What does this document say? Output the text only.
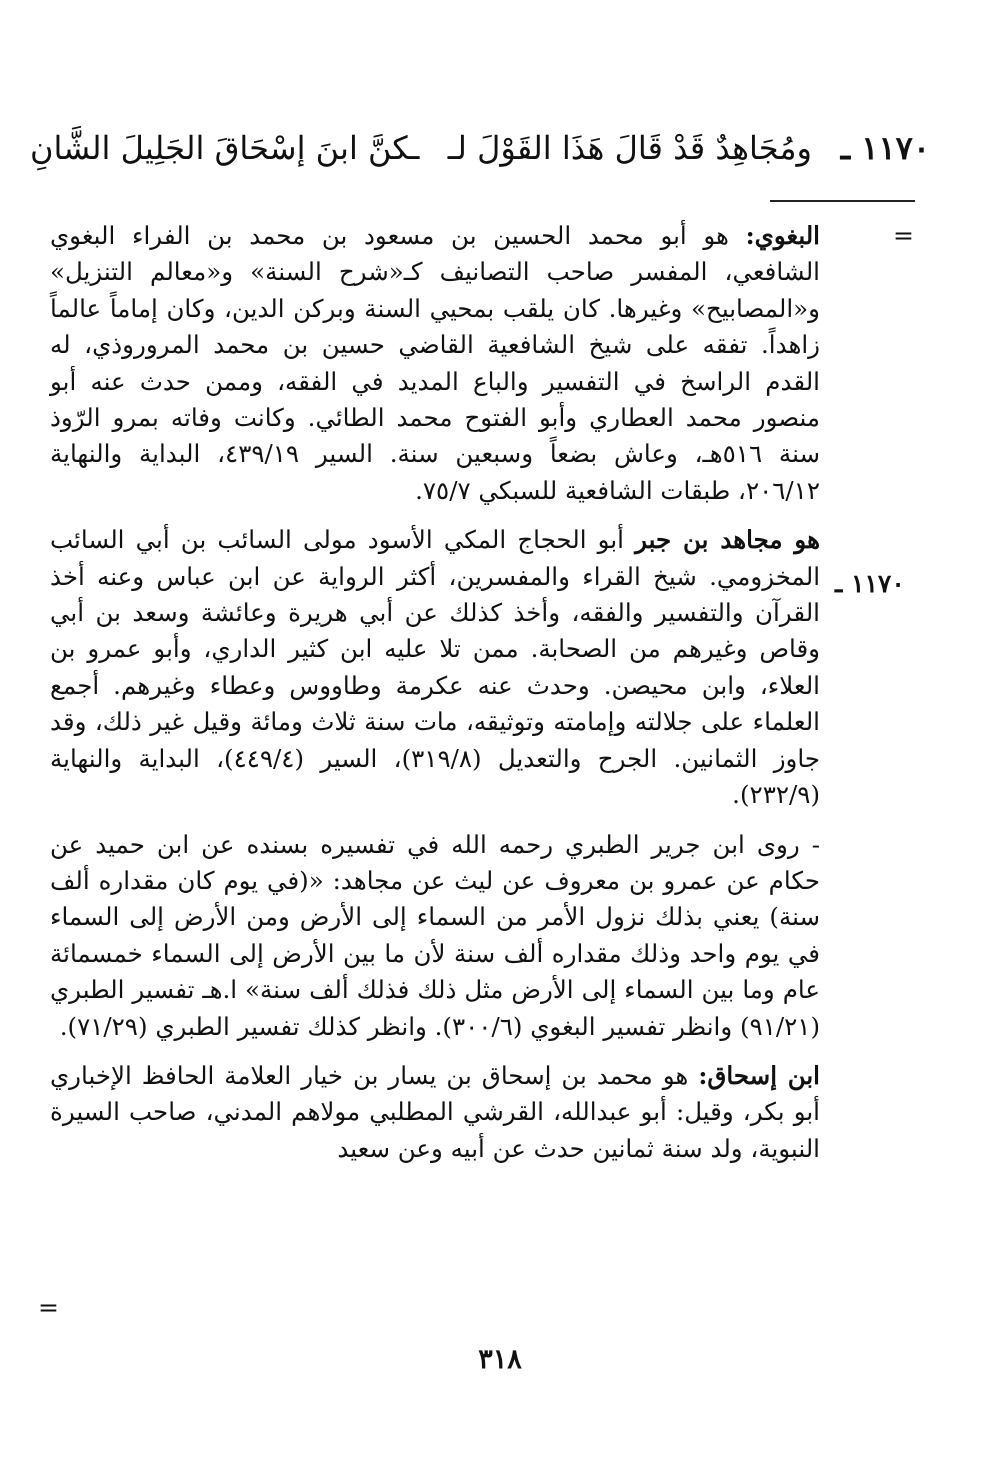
١١٧٠ ـ
ومُجَاهِدٌ قَدْ قَالَ هَذَا القَوْلَ لـ
ـكنَّ ابنَ إسْحَاقَ الجَلِيلَ الشَّانِ
=
١١٧٠ ـ

البغوي: هو أبو محمد الحسين بن مسعود بن محمد بن الفراء البغوي الشافعي، المفسر صاحب التصانيف كـ«شرح السنة» و«معالم التنزيل» و«المصابيح» وغيرها. كان يلقب بمحيي السنة وبركن الدين، وكان إماماً عالماً زاهداً. تفقه على شيخ الشافعية القاضي حسين بن محمد المروروذي، له القدم الراسخ في التفسير والباع المديد في الفقه، وممن حدث عنه أبو منصور محمد العطاري وأبو الفتوح محمد الطائي. وكانت وفاته بمرو الرّوذ سنة ٥١٦هـ، وعاش بضعاً وسبعين سنة. السير ٤٣٩/١٩، البداية والنهاية ٢٠٦/١٢، طبقات الشافعية للسبكي ٧٥/٧.

هو مجاهد بن جبر أبو الحجاج المكي الأسود مولى السائب بن أبي السائب المخزومي. شيخ القراء والمفسرين، أكثر الرواية عن ابن عباس وعنه أخذ القرآن والتفسير والفقه، وأخذ كذلك عن أبي هريرة وعائشة وسعد بن أبي وقاص وغيرهم من الصحابة. ممن تلا عليه ابن كثير الداري، وأبو عمرو بن العلاء، وابن محيصن. وحدث عنه عكرمة وطاووس وعطاء وغيرهم. أجمع العلماء على جلالته وإمامته وتوثيقه، مات سنة ثلاث ومائة وقيل غير ذلك، وقد جاوز الثمانين. الجرح والتعديل (٣١٩/٨)، السير (٤٤٩/٤)، البداية والنهاية (٢٣٢/٩).

- روى ابن جرير الطبري رحمه الله في تفسيره بسنده عن ابن حميد عن حكام عن عمرو بن معروف عن ليث عن مجاهد: «(في يوم كان مقداره ألف سنة) يعني بذلك نزول الأمر من السماء إلى الأرض ومن الأرض إلى السماء في يوم واحد وذلك مقداره ألف سنة لأن ما بين الأرض إلى السماء خمسمائة عام وما بين السماء إلى الأرض مثل ذلك فذلك ألف سنة» ا.هـ تفسير الطبري (٩١/٢١) وانظر تفسير البغوي (٣٠٠/٦). وانظر كذلك تفسير الطبري (٧١/٢٩).

ابن إسحاق: هو محمد بن إسحاق بن يسار بن خيار العلامة الحافظ الإخباري أبو بكر، وقيل: أبو عبدالله، القرشي المطلبي مولاهم المدني، صاحب السيرة النبوية، ولد سنة ثمانين حدث عن أبيه وعن سعيد

=
٣١٨
